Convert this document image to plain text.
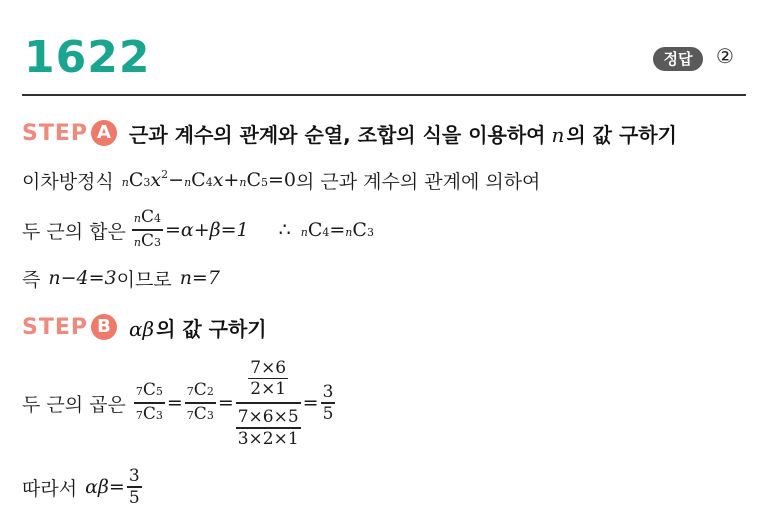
1622	정답	②
STEP A 근과 계수의 관계와 순열, 조합의 식을 이용하여 n 의 값 구하기
이차방정식 $nC3x^2-nC4x+nC5=0$ 의 근과 계수의 관계에 의하여
두 근의 합은 $\frac{nC4}{nC3} =\alpha+\beta=1$ ∴ nC4=nC3
즉 n−4=3 이므로 n=7
STEP B αβ 의 값 구하기
두 근의 곱은 $\frac{7C5}{7C3} = \frac{7C2}{7C3} = \frac{\frac{7\times 6}{2\times 1}}{\frac{7\times 6\times 5}{3\times 2\times 1}} = \frac{3}{5}$
따라서 $\alpha\beta= \frac{3}{5}$
